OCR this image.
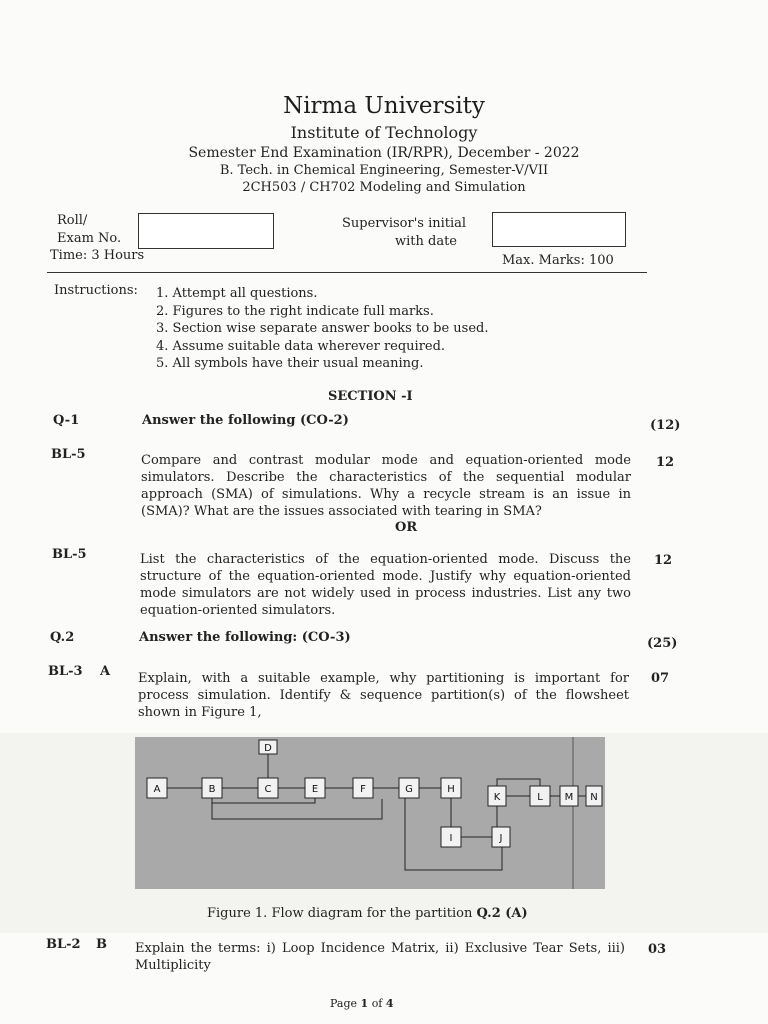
Nirma University
Institute of Technology
Semester End Examination (IR/RPR), December - 2022
B. Tech. in Chemical Engineering, Semester-V/VII
2CH503 / CH702 Modeling and Simulation
Roll/
Exam No.
Supervisor's initial
with date
Time: 3 Hours	Max. Marks: 100
Instructions: 1. Attempt all questions.
2. Figures to the right indicate full marks.
3. Section wise separate answer books to be used.
4. Assume suitable data wherever required.
5. All symbols have their usual meaning.
SECTION -I
Q-1	Answer the following (CO-2)	(12)
BL-5	Compare and contrast modular mode and equation-oriented mode simulators. Describe the characteristics of the sequential modular approach (SMA) of simulations. Why a recycle stream is an issue in (SMA)? What are the issues associated with tearing in SMA?
12
OR
BL-5	List the characteristics of the equation-oriented mode. Discuss the structure of the equation-oriented mode. Justify why equation-oriented mode simulators are not widely used in process industries. List any two equation-oriented simulators.
12
Q.2	Answer the following: (CO-3)	(25)
BL-3 A Explain, with a suitable example, why partitioning is important for process simulation. Identify & sequence partition(s) of the flowsheet shown in Figure 1,
07
A	B	C
D
E	F	G	H
I	J
K	L M N
Figure 1. Flow diagram for the partition Q.2 (A)
BL-2 B Explain the terms: i) Loop Incidence Matrix, ii) Exclusive Tear Sets, iii) Multiplicity
03
Page 1 of 4
